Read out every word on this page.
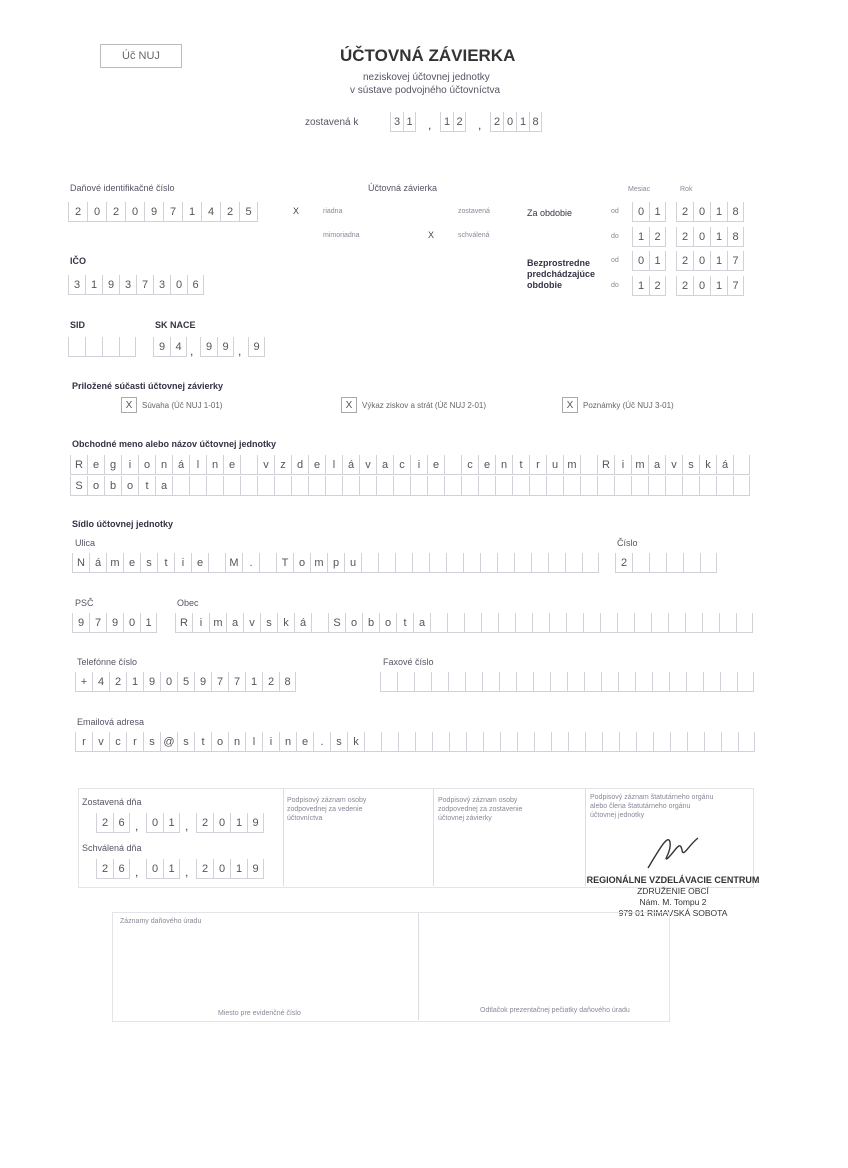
Úč NUJ	ÚČTOVNÁ ZÁVIERKA
neziskovej účtovnej jednotky
v sústave podvojného účtovníctva
zostavená k	3 1	1 2	2 0 1 8
,	,
Daňové identifikačné číslo
2	0	2	0	9	7	1	4	2	5
Účtovná závierka
X	riadna	zostavená
mimoriadna	X	schválená
Mesiac	Rok
Za obdobie	od	0 1	2 0 1 8
do	1 2	2 0 1 8
Bezprostredne
predchádzajúce
obdobie
od	0 1	2 0 1 7
do	1 2	2 0 1 7
IČO
3 1 9 3 7 3 0 6
SID	SK NACE
9 4	9 9	9
,	,
Priložené súčasti účtovnej závierky
X Súvaha (Úč NUJ 1-01)	X Výkaz ziskov a strát (Úč NUJ 2-01)	X Poznámky (Úč NUJ 3-01)
Obchodné meno alebo názov účtovnej jednotky
R e g	i	o n á	l	n e	v	z	d e	l	á	v	a	c	i	e	c	e n	t	r	u m	R	i	m a	v	s	k	á
S o b o	t	a
Sídlo účtovnej jednotky
Ulica
N á m e	s	t	i	e	M .	T o m p u
Číslo
2
PSČ
9 7 9 0 1
Obec
R	i	m a	v	s	k	á	S o b o	t	a
Telefónne číslo
+ 4 2 1 9 0 5 9 7 7 1 2 8
Faxové číslo
Emailová adresa
r	v	c	r	s @ s	t	o n	l	i	n e	.	s	k
Zostavená dňa
2 6	0 1	2 0 1 9
,	,
Schválená dňa
2 6	0 1	2 0 1 9
,	,
Podpisový záznam osoby zodpovednej za vedenie účtovníctva
Podpisový záznam osoby zodpovednej za zostavenie účtovnej závierky
Podpisový záznam štatutárneho orgánu alebo člena štatutárneho orgánu účtovnej jednotky
REGIONÁLNE VZDELÁVACIE CENTRUM
ZDRUŽENIE OBCÍ
Nám. M. Tompu 2
979 01 RIMAVSKÁ SOBOTA
Záznamy daňového úradu
Miesto pre evidenčné číslo	Odtlačok prezentačnej pečiatky daňového úradu
